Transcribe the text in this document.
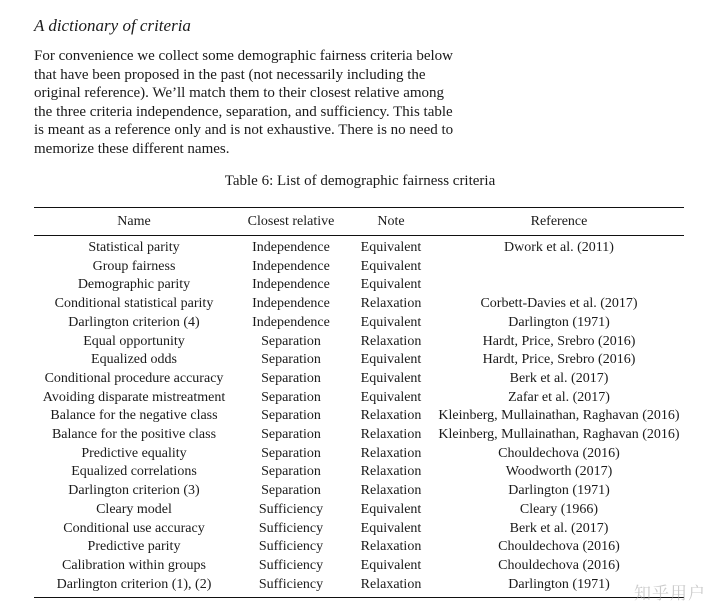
A dictionary of criteria

For convenience we collect some demographic fairness criteria below that have been proposed in the past (not necessarily including the original reference). We’ll match them to their closest relative among the three criteria independence, separation, and sufficiency. This table is meant as a reference only and is not exhaustive. There is no need to memorize these different names.

Table 6: List of demographic fairness criteria

Name	Closest relative	Note	Reference
Statistical parity	Independence	Equivalent	Dwork et al. (2011)
Group fairness	Independence	Equivalent	
Demographic parity	Independence	Equivalent	
Conditional statistical parity	Independence	Relaxation	Corbett-Davies et al. (2017)
Darlington criterion (4)	Independence	Equivalent	Darlington (1971)
Equal opportunity	Separation	Relaxation	Hardt, Price, Srebro (2016)
Equalized odds	Separation	Equivalent	Hardt, Price, Srebro (2016)
Conditional procedure accuracy	Separation	Equivalent	Berk et al. (2017)
Avoiding disparate mistreatment	Separation	Equivalent	Zafar et al. (2017)
Balance for the negative class	Separation	Relaxation	Kleinberg, Mullainathan, Raghavan (2016)
Balance for the positive class	Separation	Relaxation	Kleinberg, Mullainathan, Raghavan (2016)
Predictive equality	Separation	Relaxation	Chouldechova (2016)
Equalized correlations	Separation	Relaxation	Woodworth (2017)
Darlington criterion (3)	Separation	Relaxation	Darlington (1971)
Cleary model	Sufficiency	Equivalent	Cleary (1966)
Conditional use accuracy	Sufficiency	Equivalent	Berk et al. (2017)
Predictive parity	Sufficiency	Relaxation	Chouldechova (2016)
Calibration within groups	Sufficiency	Equivalent	Chouldechova (2016)
Darlington criterion (1), (2)	Sufficiency	Relaxation	Darlington (1971) 知乎用户
